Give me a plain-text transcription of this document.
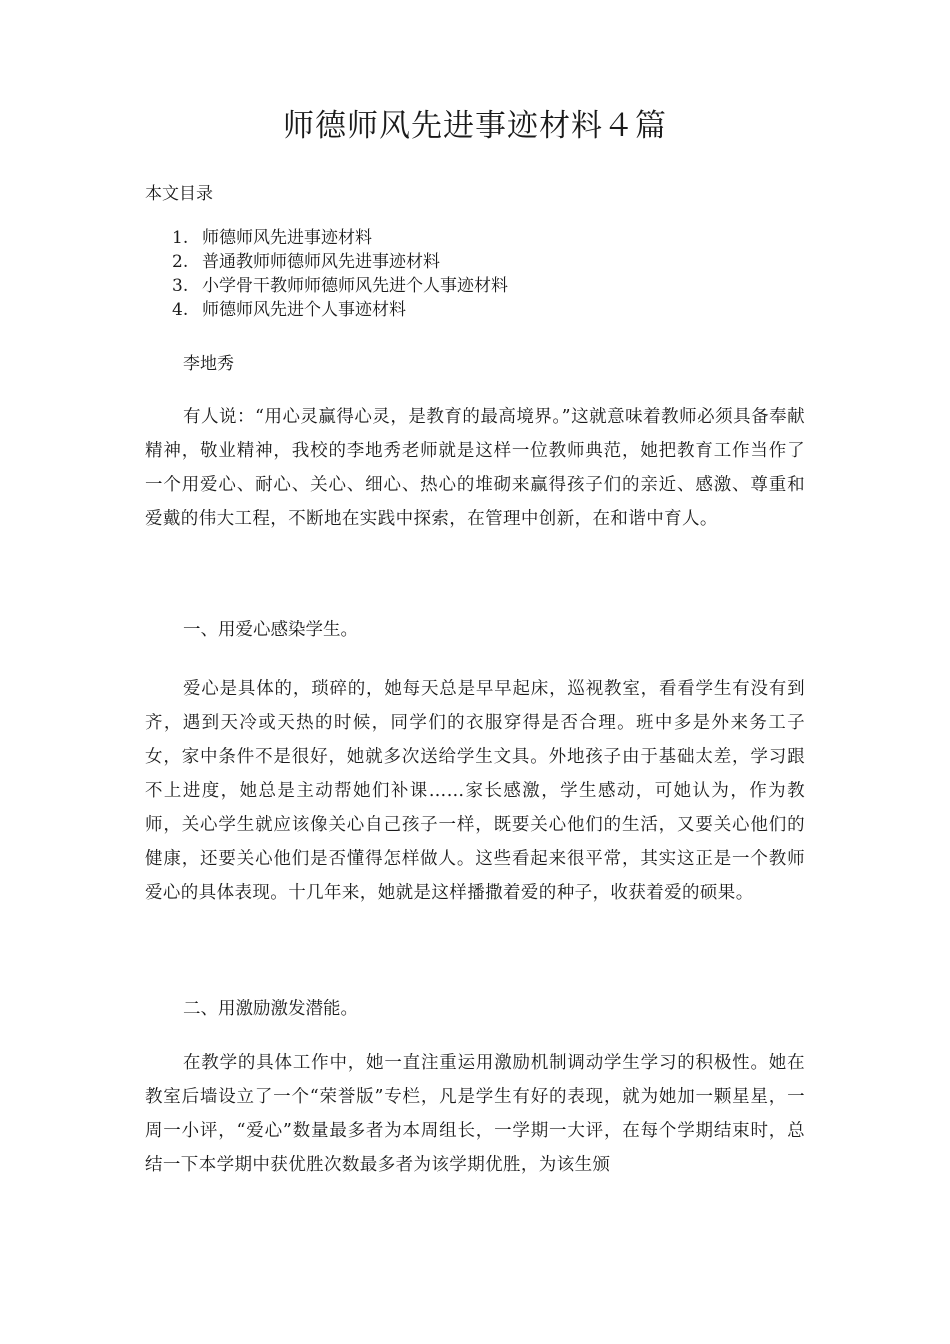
师德师风先进事迹材料４篇

本文目录

1. 师德师风先进事迹材料
2. 普通教师师德师风先进事迹材料
3. 小学骨干教师师德师风先进个人事迹材料
4. 师德师风先进个人事迹材料

李地秀

有人说：“用心灵赢得心灵，是教育的最高境界。”这就意味着教师必须具备奉献精神，敬业精神，我校的李地秀老师就是这样一位教师典范，她把教育工作当作了一个用爱心、耐心、关心、细心、热心的堆砌来赢得孩子们的亲近、感激、尊重和爱戴的伟大工程，不断地在实践中探索，在管理中创新，在和谐中育人。

一、用爱心感染学生。

爱心是具体的，琐碎的，她每天总是早早起床，巡视教室，看看学生有没有到齐，遇到天冷或天热的时候，同学们的衣服穿得是否合理。班中多是外来务工子女，家中条件不是很好，她就多次送给学生文具。外地孩子由于基础太差，学习跟不上进度，她总是主动帮她们补课……家长感激，学生感动，可她认为，作为教师，关心学生就应该像关心自己孩子一样，既要关心他们的生活，又要关心他们的健康，还要关心他们是否懂得怎样做人。这些看起来很平常，其实这正是一个教师爱心的具体表现。十几年来，她就是这样播撒着爱的种子，收获着爱的硕果。

二、用激励激发潜能。

在教学的具体工作中，她一直注重运用激励机制调动学生学习的积极性。她在教室后墙设立了一个“荣誉版”专栏，凡是学生有好的表现，就为她加一颗星星，一周一小评，“爱心”数量最多者为本周组长，一学期一大评，在每个学期结束时，总结一下本学期中获优胜次数最多者为该学期优胜，为该生颁
